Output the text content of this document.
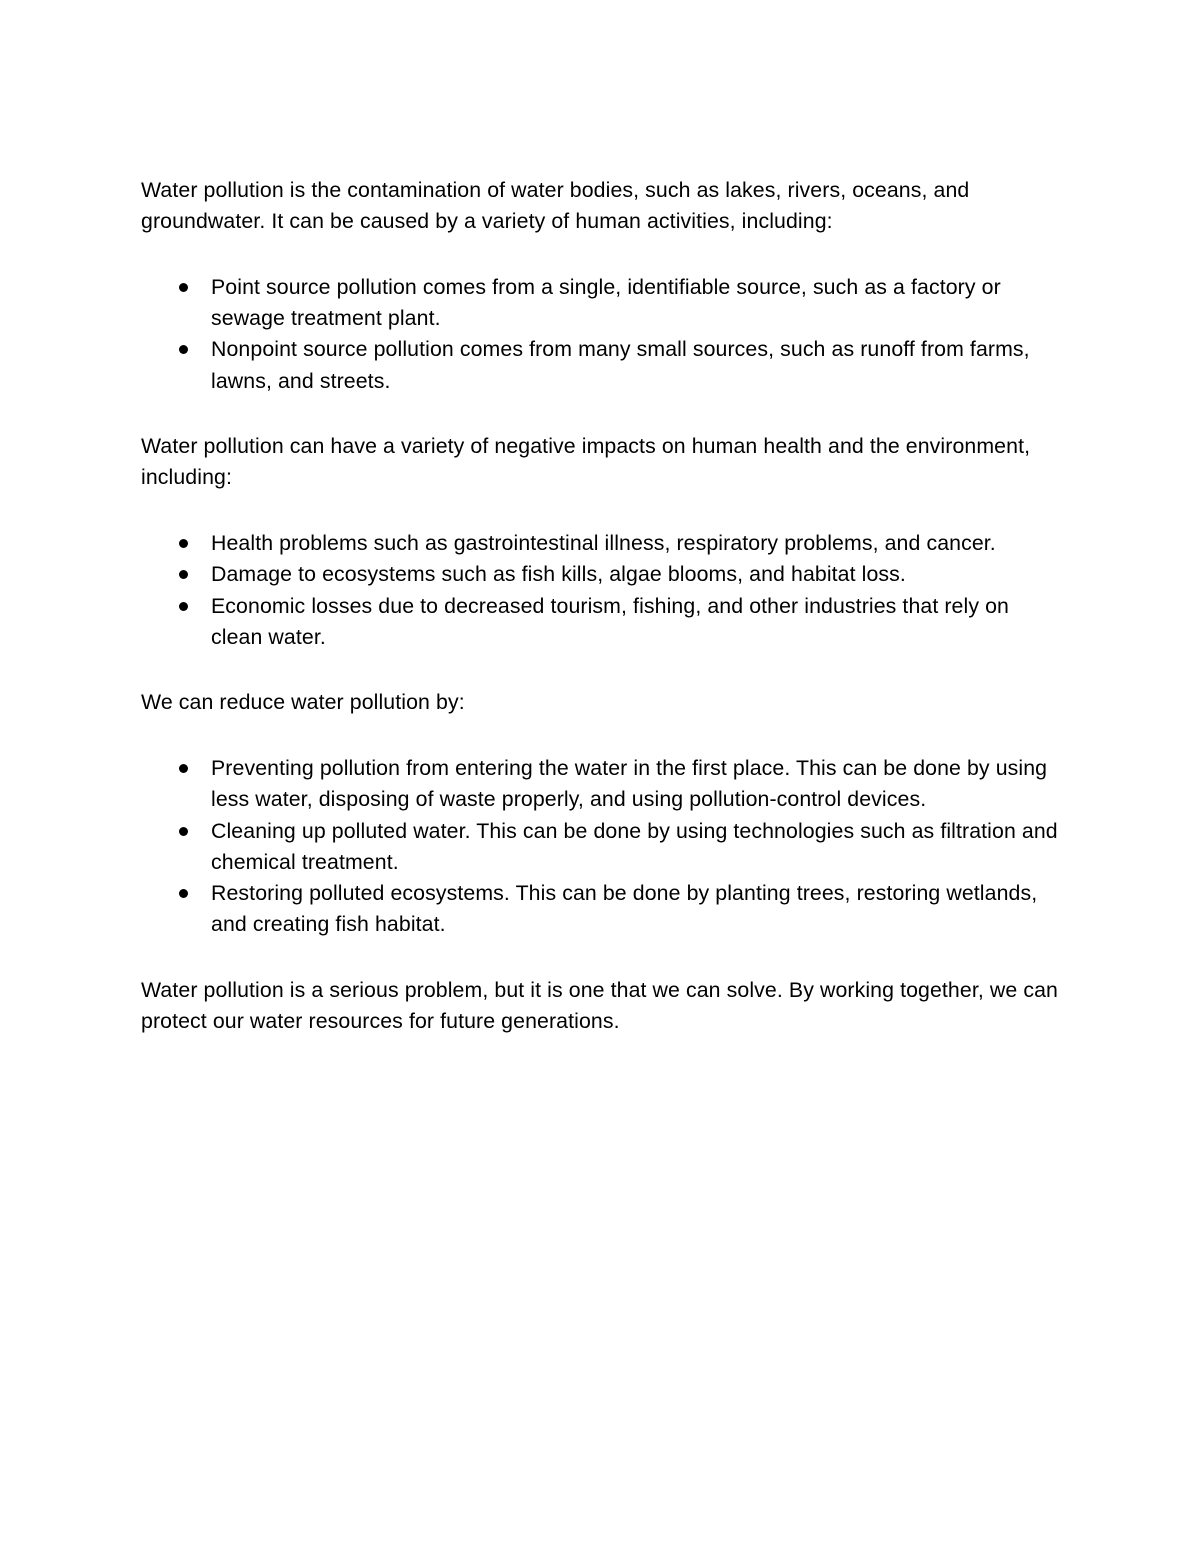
Water pollution is the contamination of water bodies, such as lakes, rivers, oceans, and groundwater. It can be caused by a variety of human activities, including:

Point source pollution comes from a single, identifiable source, such as a factory or sewage treatment plant.
Nonpoint source pollution comes from many small sources, such as runoff from farms, lawns, and streets.

Water pollution can have a variety of negative impacts on human health and the environment, including:

Health problems such as gastrointestinal illness, respiratory problems, and cancer.
Damage to ecosystems such as fish kills, algae blooms, and habitat loss.
Economic losses due to decreased tourism, fishing, and other industries that rely on clean water.

We can reduce water pollution by:

Preventing pollution from entering the water in the first place. This can be done by using less water, disposing of waste properly, and using pollution-control devices.
Cleaning up polluted water. This can be done by using technologies such as filtration and chemical treatment.
Restoring polluted ecosystems. This can be done by planting trees, restoring wetlands, and creating fish habitat.

Water pollution is a serious problem, but it is one that we can solve. By working together, we can protect our water resources for future generations.
